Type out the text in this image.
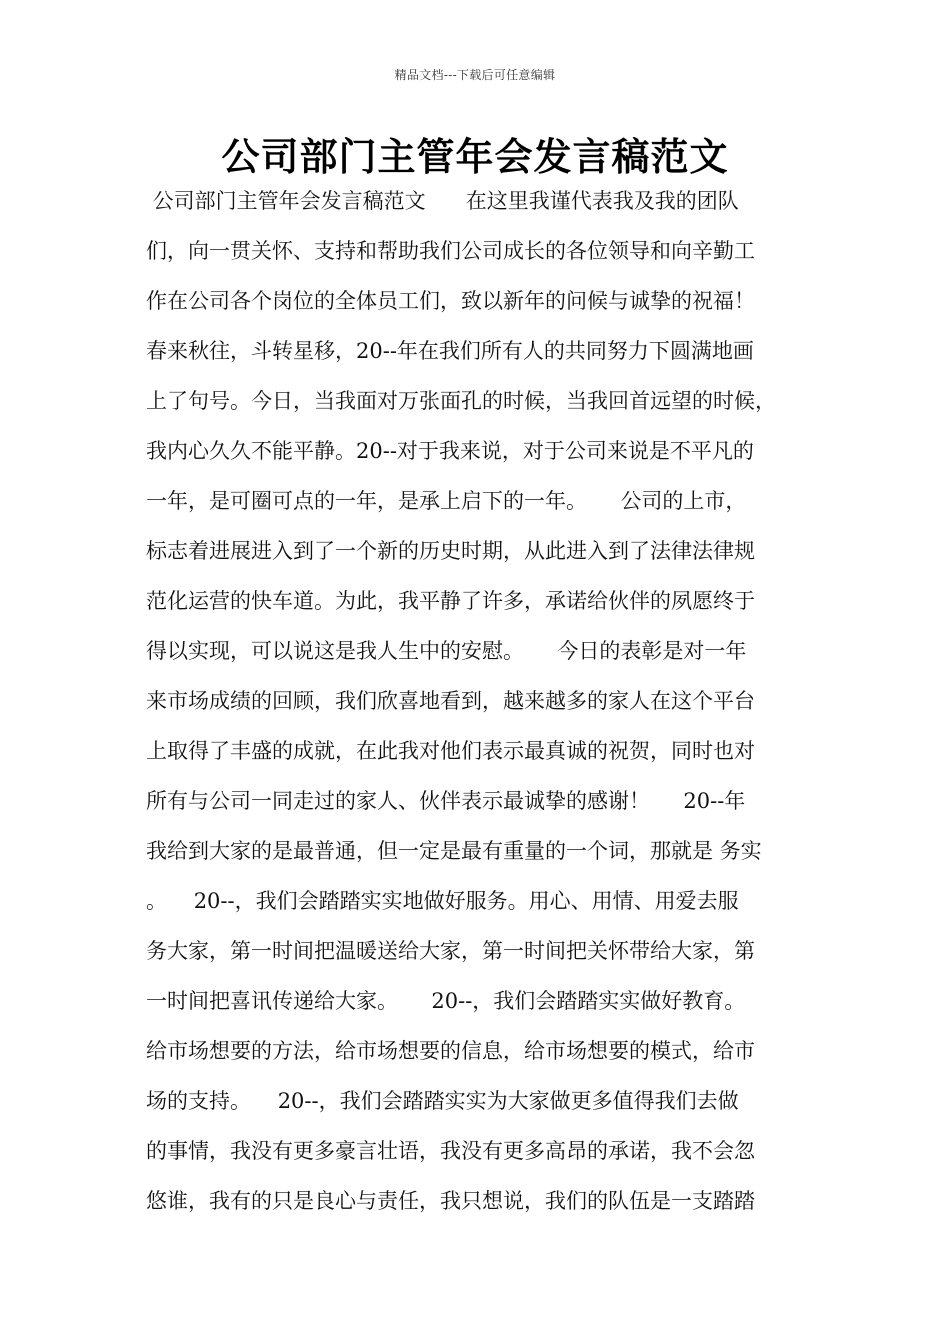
精品文档---下载后可任意编辑
公司部门主管年会发言稿范文
公司部门主管年会发言稿范文      在这里我谨代表我及我的团队
们，向一贯关怀、支持和帮助我们公司成长的各位领导和向辛勤工
作在公司各个岗位的全体员工们，致以新年的问候与诚挚的祝福！
春来秋往，斗转星移，20--年在我们所有人的共同努力下圆满地画
上了句号。今日，当我面对万张面孔的时候，当我回首远望的时候，
我内心久久不能平静。20--对于我来说，对于公司来说是不平凡的
一年，是可圈可点的一年，是承上启下的一年。     公司的上市，
标志着进展进入到了一个新的历史时期，从此进入到了法律法律规
范化运营的快车道。为此，我平静了许多，承诺给伙伴的夙愿终于
得以实现，可以说这是我人生中的安慰。     今日的表彰是对一年
来市场成绩的回顾，我们欣喜地看到，越来越多的家人在这个平台
上取得了丰盛的成就，在此我对他们表示最真诚的祝贺，同时也对
所有与公司一同走过的家人、伙伴表示最诚挚的感谢！     20--年
我给到大家的是最普通，但一定是最有重量的一个词，那就是 务实
。    20--，我们会踏踏实实地做好服务。用心、用情、用爱去服
务大家，第一时间把温暖送给大家，第一时间把关怀带给大家，第
一时间把喜讯传递给大家。     20--，我们会踏踏实实做好教育。
给市场想要的方法，给市场想要的信息，给市场想要的模式，给市
场的支持。    20--，我们会踏踏实实为大家做更多值得我们去做
的事情，我没有更多豪言壮语，我没有更多高昂的承诺，我不会忽
悠谁，我有的只是良心与责任，我只想说，我们的队伍是一支踏踏
